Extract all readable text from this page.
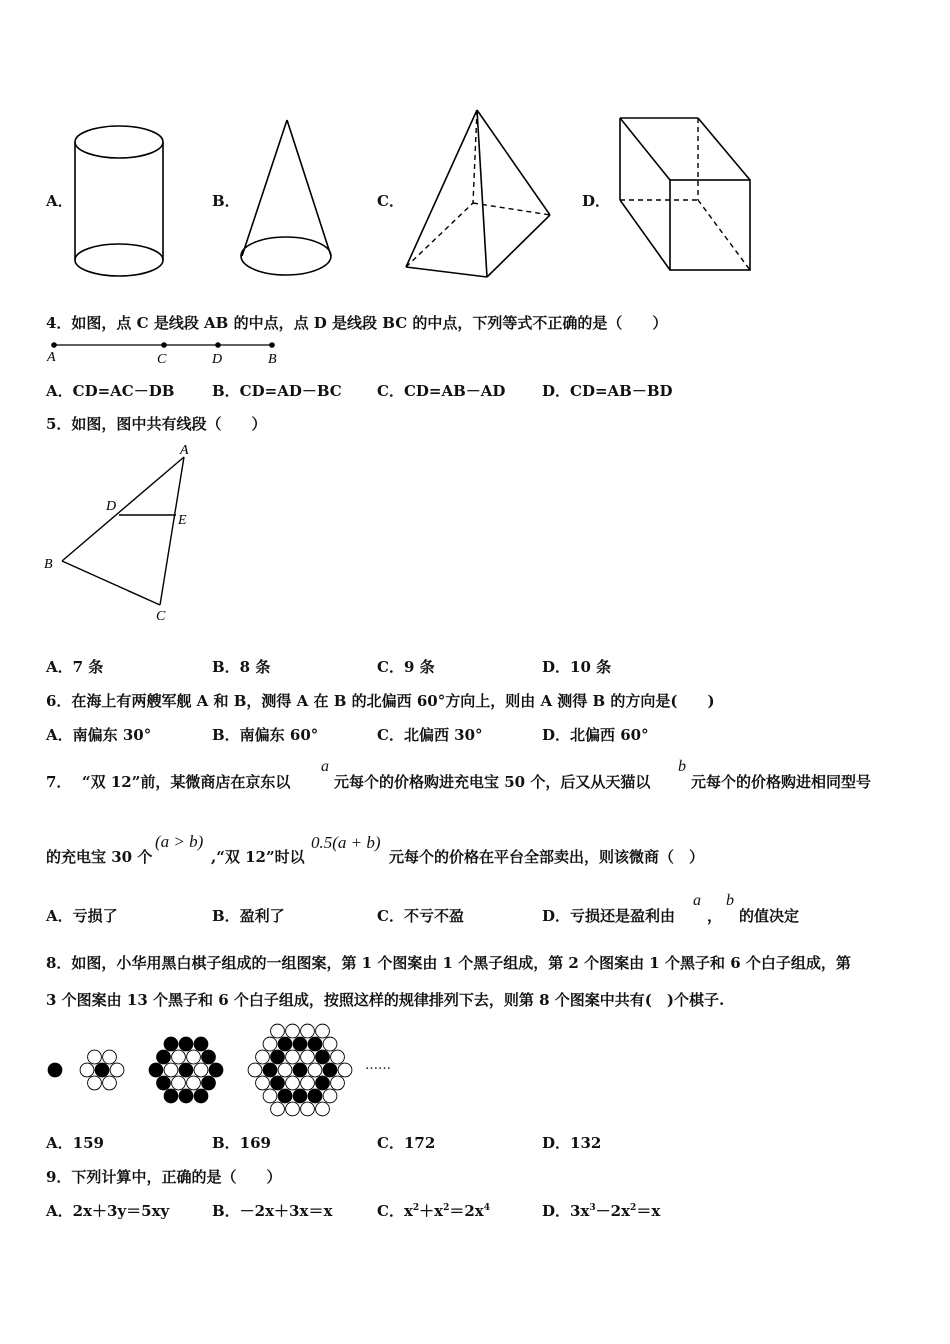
A．	B．	C．	D．
4．如图，点 C 是线段 AB 的中点，点 D 是线段 BC 的中点，下列等式不正确的是（　　）
A	C	D	B
A．CD=AC－DB	B．CD=AD－BC C．CD=AB－AD D．CD=AB－BD
5．如图，图中共有线段（　　）
A
D
E
B
C
A．7 条	B．8 条	C．9 条	D．10 条
6．在海上有两艘军舰 A 和 B，测得 A 在 B 的北偏西 60°方向上，则由 A 测得 B 的方向是(　　)
A．南偏东 30°	B．南偏东 60°	C．北偏西 30°	D．北偏西 60°
7． “双 12”前，某微商店在京东以
a
元每个的价格购进充电宝 50 个，后又从天猫以
b
元每个的价格购进相同型号
的充电宝 30 个
(a > b)
,“双 12”时以
0.5(a + b)
元每个的价格在平台全部卖出，则该微商（　）
A．亏损了	B．盈利了	C．不亏不盈	D．亏损还是盈利由
a
，
b
的值决定
8．如图，小华用黑白棋子组成的一组图案，第 1 个图案由 1 个黑子组成，第 2 个图案由 1 个黑子和 6 个白子组成，第
3 个图案由 13 个黑子和 6 个白子组成，按照这样的规律排列下去，则第 8 个图案中共有(　)个棋子.
……
A．159	B．169	C．172	D．132
9．下列计算中，正确的是（　　）
A．2x＋3y＝5xy	B．－2x＋3x＝x	C．$x^2+x^2=2x^4$	D．$3x^3-2x^2=x$
